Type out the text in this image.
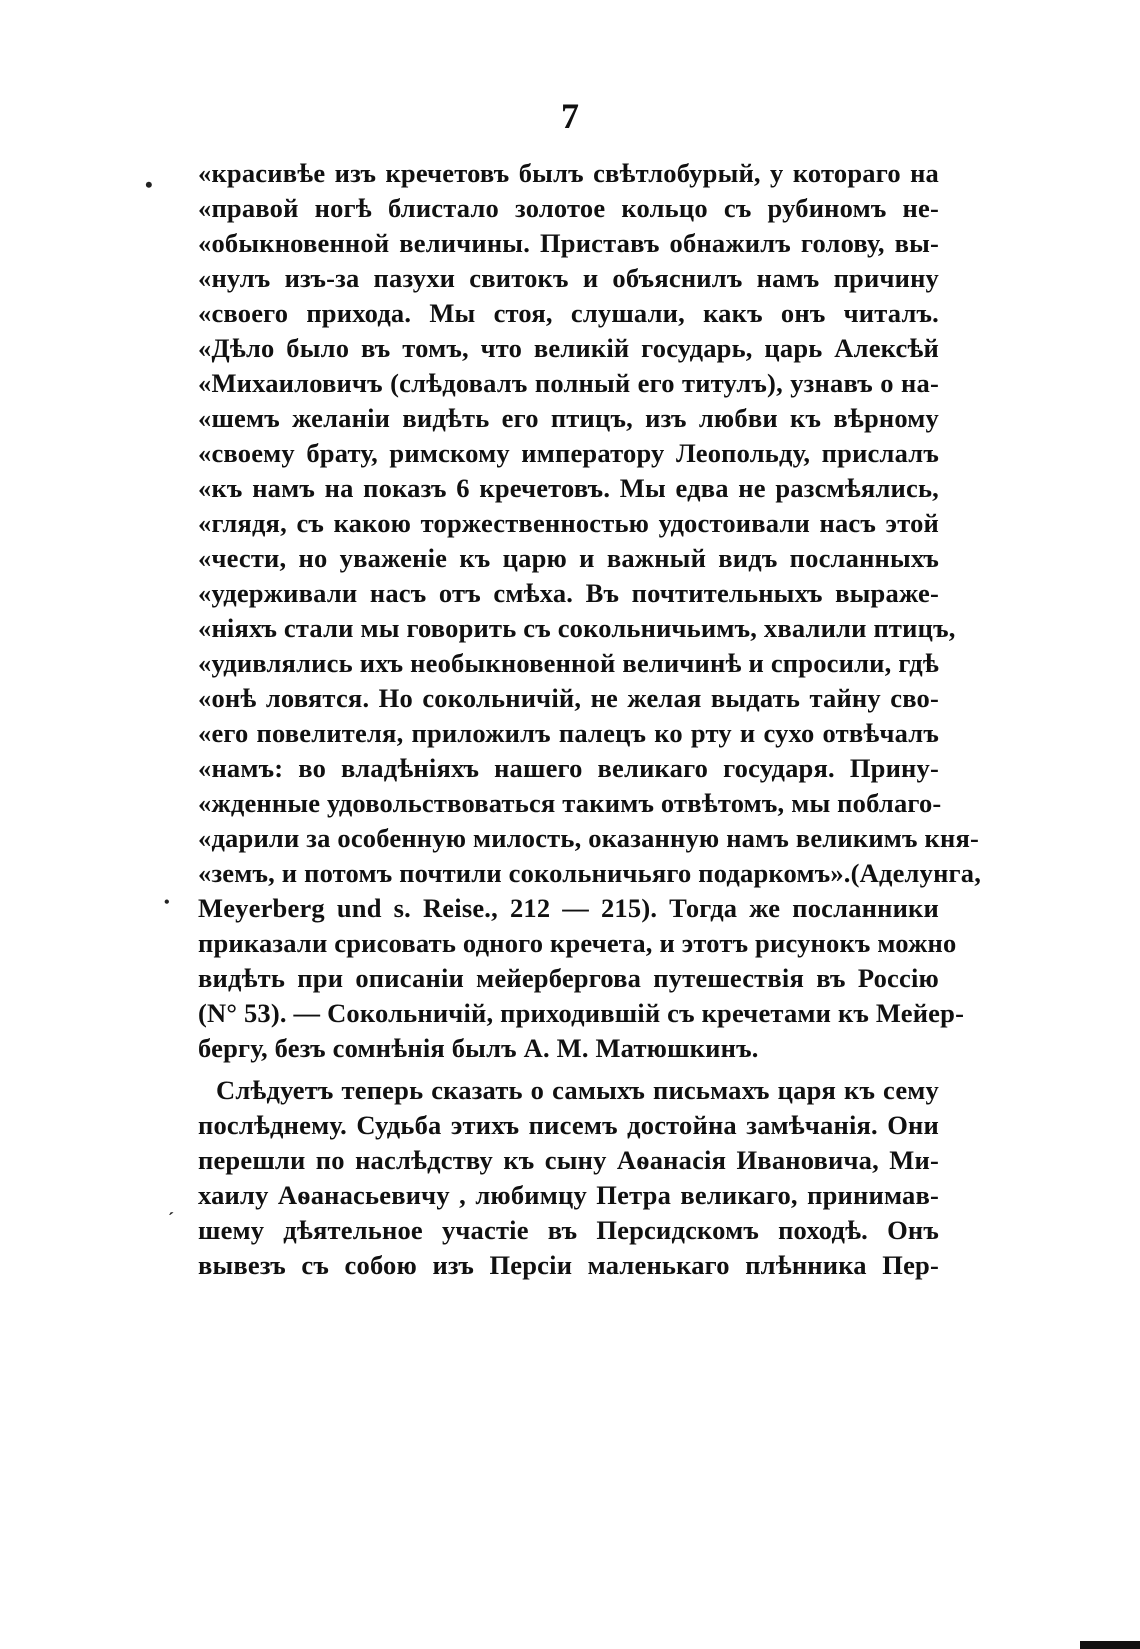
7
•
•
ˊ
«красивѣе изъ кречетовъ былъ свѣтлобурый, у котораго на
«правой ногѣ блистало золотое кольцо съ рубиномъ не-
«обыкновенной величины. Приставъ обнажилъ голову, вы-
«нулъ изъ-за пазухи свитокъ и объяснилъ намъ причину
«своего прихода. Мы стоя, слушали, какъ онъ читалъ.
«Дѣло было въ томъ, что великій государь, царь Алексѣй
«Михаиловичъ (слѣдовалъ полный его титулъ), узнавъ о на-
«шемъ желаніи видѣть его птицъ, изъ любви къ вѣрному
«своему брату, римскому императору Леопольду, прислалъ
«къ намъ на показъ 6 кречетовъ. Мы едва не разсмѣялись,
«глядя, съ какою торжественностью удостоивали насъ этой
«чести, но уваженіе къ царю и важный видъ посланныхъ
«удерживали насъ отъ смѣха. Въ почтительныхъ выраже-
«ніяхъ стали мы говорить съ сокольничьимъ, хвалили птицъ,
«удивлялись ихъ необыкновенной величинѣ и спросили, гдѣ
«онѣ ловятся. Но сокольничій, не желая выдать тайну сво-
«его повелителя, приложилъ палецъ ко рту и сухо отвѣчалъ
«намъ: во владѣніяхъ нашего великаго государя. Прину-
«жденные удовольствоваться такимъ отвѣтомъ, мы поблаго-
«дарили за особенную милость, оказанную намъ великимъ кня-
«земъ, и потомъ почтили сокольничьяго подаркомъ».(Аделунга,
Meyerberg und s. Reise., 212 — 215). Тогда же посланники
приказали срисовать одного кречета, и этотъ рисунокъ можно
видѣть при описаніи мейербергова путешествія въ Россію
(N° 53). — Сокольничій, приходившій съ кречетами къ Мейер-
бергу, безъ сомнѣнія былъ А. М. Матюшкинъ.
Слѣдуетъ теперь сказать о самыхъ письмахъ царя къ сему
послѣднему. Судьба этихъ писемъ достойна замѣчанія. Они
перешли по наслѣдству къ сыну Аѳанасія Ивановича, Ми-
хаилу Аѳанасьевичу , любимцу Петра великаго, принимав-
шему дѣятельное участіе въ Персидскомъ походѣ. Онъ
вывезъ съ собою изъ Персіи маленькаго плѣнника Пер-
